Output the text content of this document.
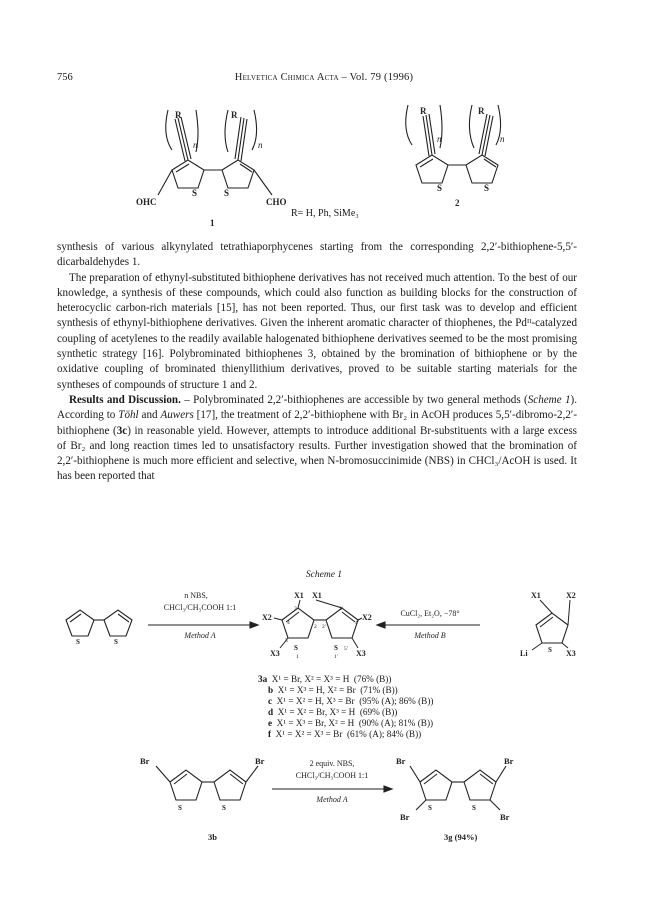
756	Helvetica Chimica Acta – Vol. 79 (1996)
R	R
n	n
S	S
OHC	CHO
1
R	R
n	n
S	S
2
R= H, Ph, SiMe₃

synthesis of various alkynylated tetrathiaporphycenes starting from the corresponding 2,2′-bithiophene-5,5′-dicarbaldehydes 1.

The preparation of ethynyl-substituted bithiophene derivatives has not received much attention. To the best of our knowledge, a synthesis of these compounds, which could also function as building blocks for the construction of heterocyclic carbon-rich materials [15], has not been reported. Thus, our first task was to develop and efficient synthesis of ethynyl-bithiophene derivatives. Given the inherent aromatic character of thiophenes, the Pdᴵᴵ-catalyzed coupling of acetylenes to the readily available halogenated bithiophene derivatives seemed to be the most promising synthetic strategy [16]. Polybrominated bithiophenes 3, obtained by the bromination of bithiophene or by the oxidative coupling of brominated thienyllithium derivatives, proved to be suitable starting materials for the syntheses of compounds of structure 1 and 2.

Results and Discussion. – Polybrominated 2,2′-bithiophenes are accessible by two general methods (Scheme 1). According to Töhl and Auwers [17], the treatment of 2,2′-bithiophene with Br₂ in AcOH produces 5,5′-dibromo-2,2′-bithiophene (3c) in reasonable yield. However, attempts to introduce additional Br-substituents with a large excess of Br₂ and long reaction times led to unsatisfactory results. Further investigation showed that the bromination of 2,2′-bithiophene is much more efficient and selective, when N-bromosuccinimide (NBS) in CHCl₃/AcOH is used. It has been reported that

Scheme 1
n NBS,
CHCl₃/CH₃COOH 1:1
Method A
CuCl₂, Et₂O, −78°
Method B
S	S
X1 X1
X2	X2
X3	X3
3
4
5
2 2′
3′
4′
5′
S	S
1	1′
X1	X2
X3
Li	S
3a X¹ = Br, X² = X³ = H (76% (B))
b X¹ = X³ = H, X² = Br (71% (B))
c X¹ = X² = H, X³ = Br (95% (A); 86% (B))
d X¹ = X² = Br, X³ = H (69% (B))
e X¹ = X³ = Br, X² = H (90% (A); 81% (B))
f X¹ = X² = X³ = Br (61% (A); 84% (B))
Br	Br
S	S
3b
2 equiv. NBS,
CHCl₃/CH₃COOH 1:1
Method A
Br	Br
Br	Br
S	S
3g (94%)
